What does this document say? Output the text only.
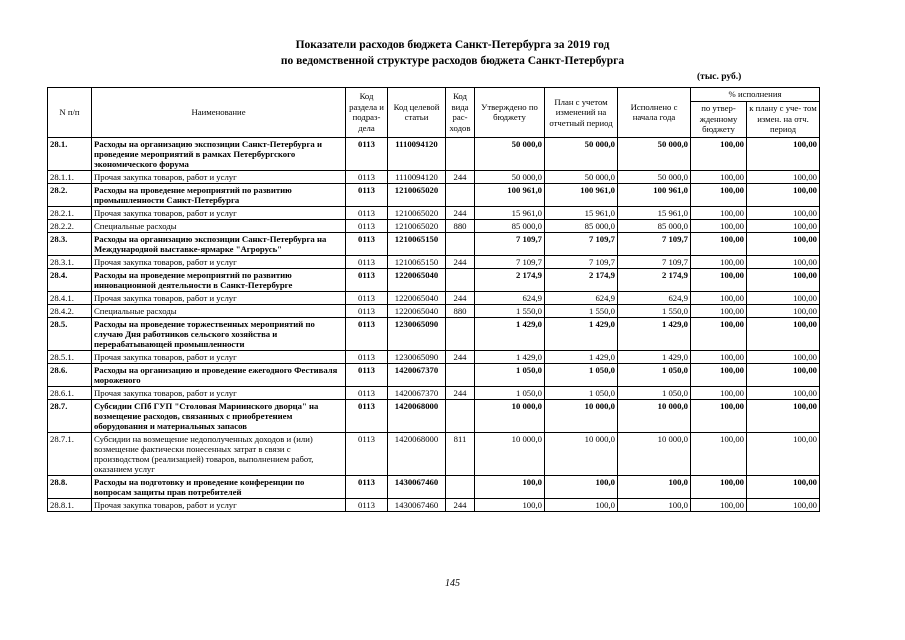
Показатели расходов бюджета Санкт-Петербурга за 2019 год
по ведомственной структуре расходов бюджета Санкт-Петербурга
(тыс. руб.)
N п/п	Наименование	Код раздела и подраз- дела	Код целевой статьи	Код вида рас- ходов	Утверждено по бюджету	План с учетом изменений на отчетный период	Исполнено с начала года	% исполнения	
								по утвер- жденному бюджету	к плану с уче- том измен. на отч. период
28.1.	Расходы на организацию экспозиции Санкт-Петербурга и проведение мероприятий в рамках Петербургского экономического форума	0113	1110094120		50 000,0	50 000,0	50 000,0	100,00	100,00
28.1.1.	Прочая закупка товаров, работ и услуг	0113	1110094120	244	50 000,0	50 000,0	50 000,0	100,00	100,00
28.2.	Расходы на проведение мероприятий по развитию промышленности Санкт-Петербурга	0113	1210065020		100 961,0	100 961,0	100 961,0	100,00	100,00
28.2.1.	Прочая закупка товаров, работ и услуг	0113	1210065020	244	15 961,0	15 961,0	15 961,0	100,00	100,00
28.2.2.	Специальные расходы	0113	1210065020	880	85 000,0	85 000,0	85 000,0	100,00	100,00
28.3.	Расходы на организацию экспозиции Санкт-Петербурга на Международной выставке-ярмарке "Агрорусь"	0113	1210065150		7 109,7	7 109,7	7 109,7	100,00	100,00
28.3.1.	Прочая закупка товаров, работ и услуг	0113	1210065150	244	7 109,7	7 109,7	7 109,7	100,00	100,00
28.4.	Расходы на проведение мероприятий по развитию инновационной деятельности в Санкт-Петербурге	0113	1220065040		2 174,9	2 174,9	2 174,9	100,00	100,00
28.4.1.	Прочая закупка товаров, работ и услуг	0113	1220065040	244	624,9	624,9	624,9	100,00	100,00
28.4.2.	Специальные расходы	0113	1220065040	880	1 550,0	1 550,0	1 550,0	100,00	100,00
28.5.	Расходы на проведение торжественных мероприятий по случаю Дня работников сельского хозяйства и перерабатывающей промышленности	0113	1230065090		1 429,0	1 429,0	1 429,0	100,00	100,00
28.5.1.	Прочая закупка товаров, работ и услуг	0113	1230065090	244	1 429,0	1 429,0	1 429,0	100,00	100,00
28.6.	Расходы на организацию и проведение ежегодного Фестиваля мороженого	0113	1420067370		1 050,0	1 050,0	1 050,0	100,00	100,00
28.6.1.	Прочая закупка товаров, работ и услуг	0113	1420067370	244	1 050,0	1 050,0	1 050,0	100,00	100,00
28.7.	Субсидии СПб ГУП "Столовая Мариинского дворца" на возмещение расходов, связанных с приобретением оборудования и материальных запасов	0113	1420068000		10 000,0	10 000,0	10 000,0	100,00	100,00
28.7.1.	Субсидии на возмещение недополученных доходов и (или) возмещение фактически понесенных затрат в связи с производством (реализацией) товаров, выполнением работ, оказанием услуг	0113	1420068000	811	10 000,0	10 000,0	10 000,0	100,00	100,00
28.8.	Расходы на подготовку и проведение конференции по вопросам защиты прав потребителей	0113	1430067460		100,0	100,0	100,0	100,00	100,00
28.8.1.	Прочая закупка товаров, работ и услуг	0113	1430067460	244	100,0	100,0	100,0	100,00	100,00
145
